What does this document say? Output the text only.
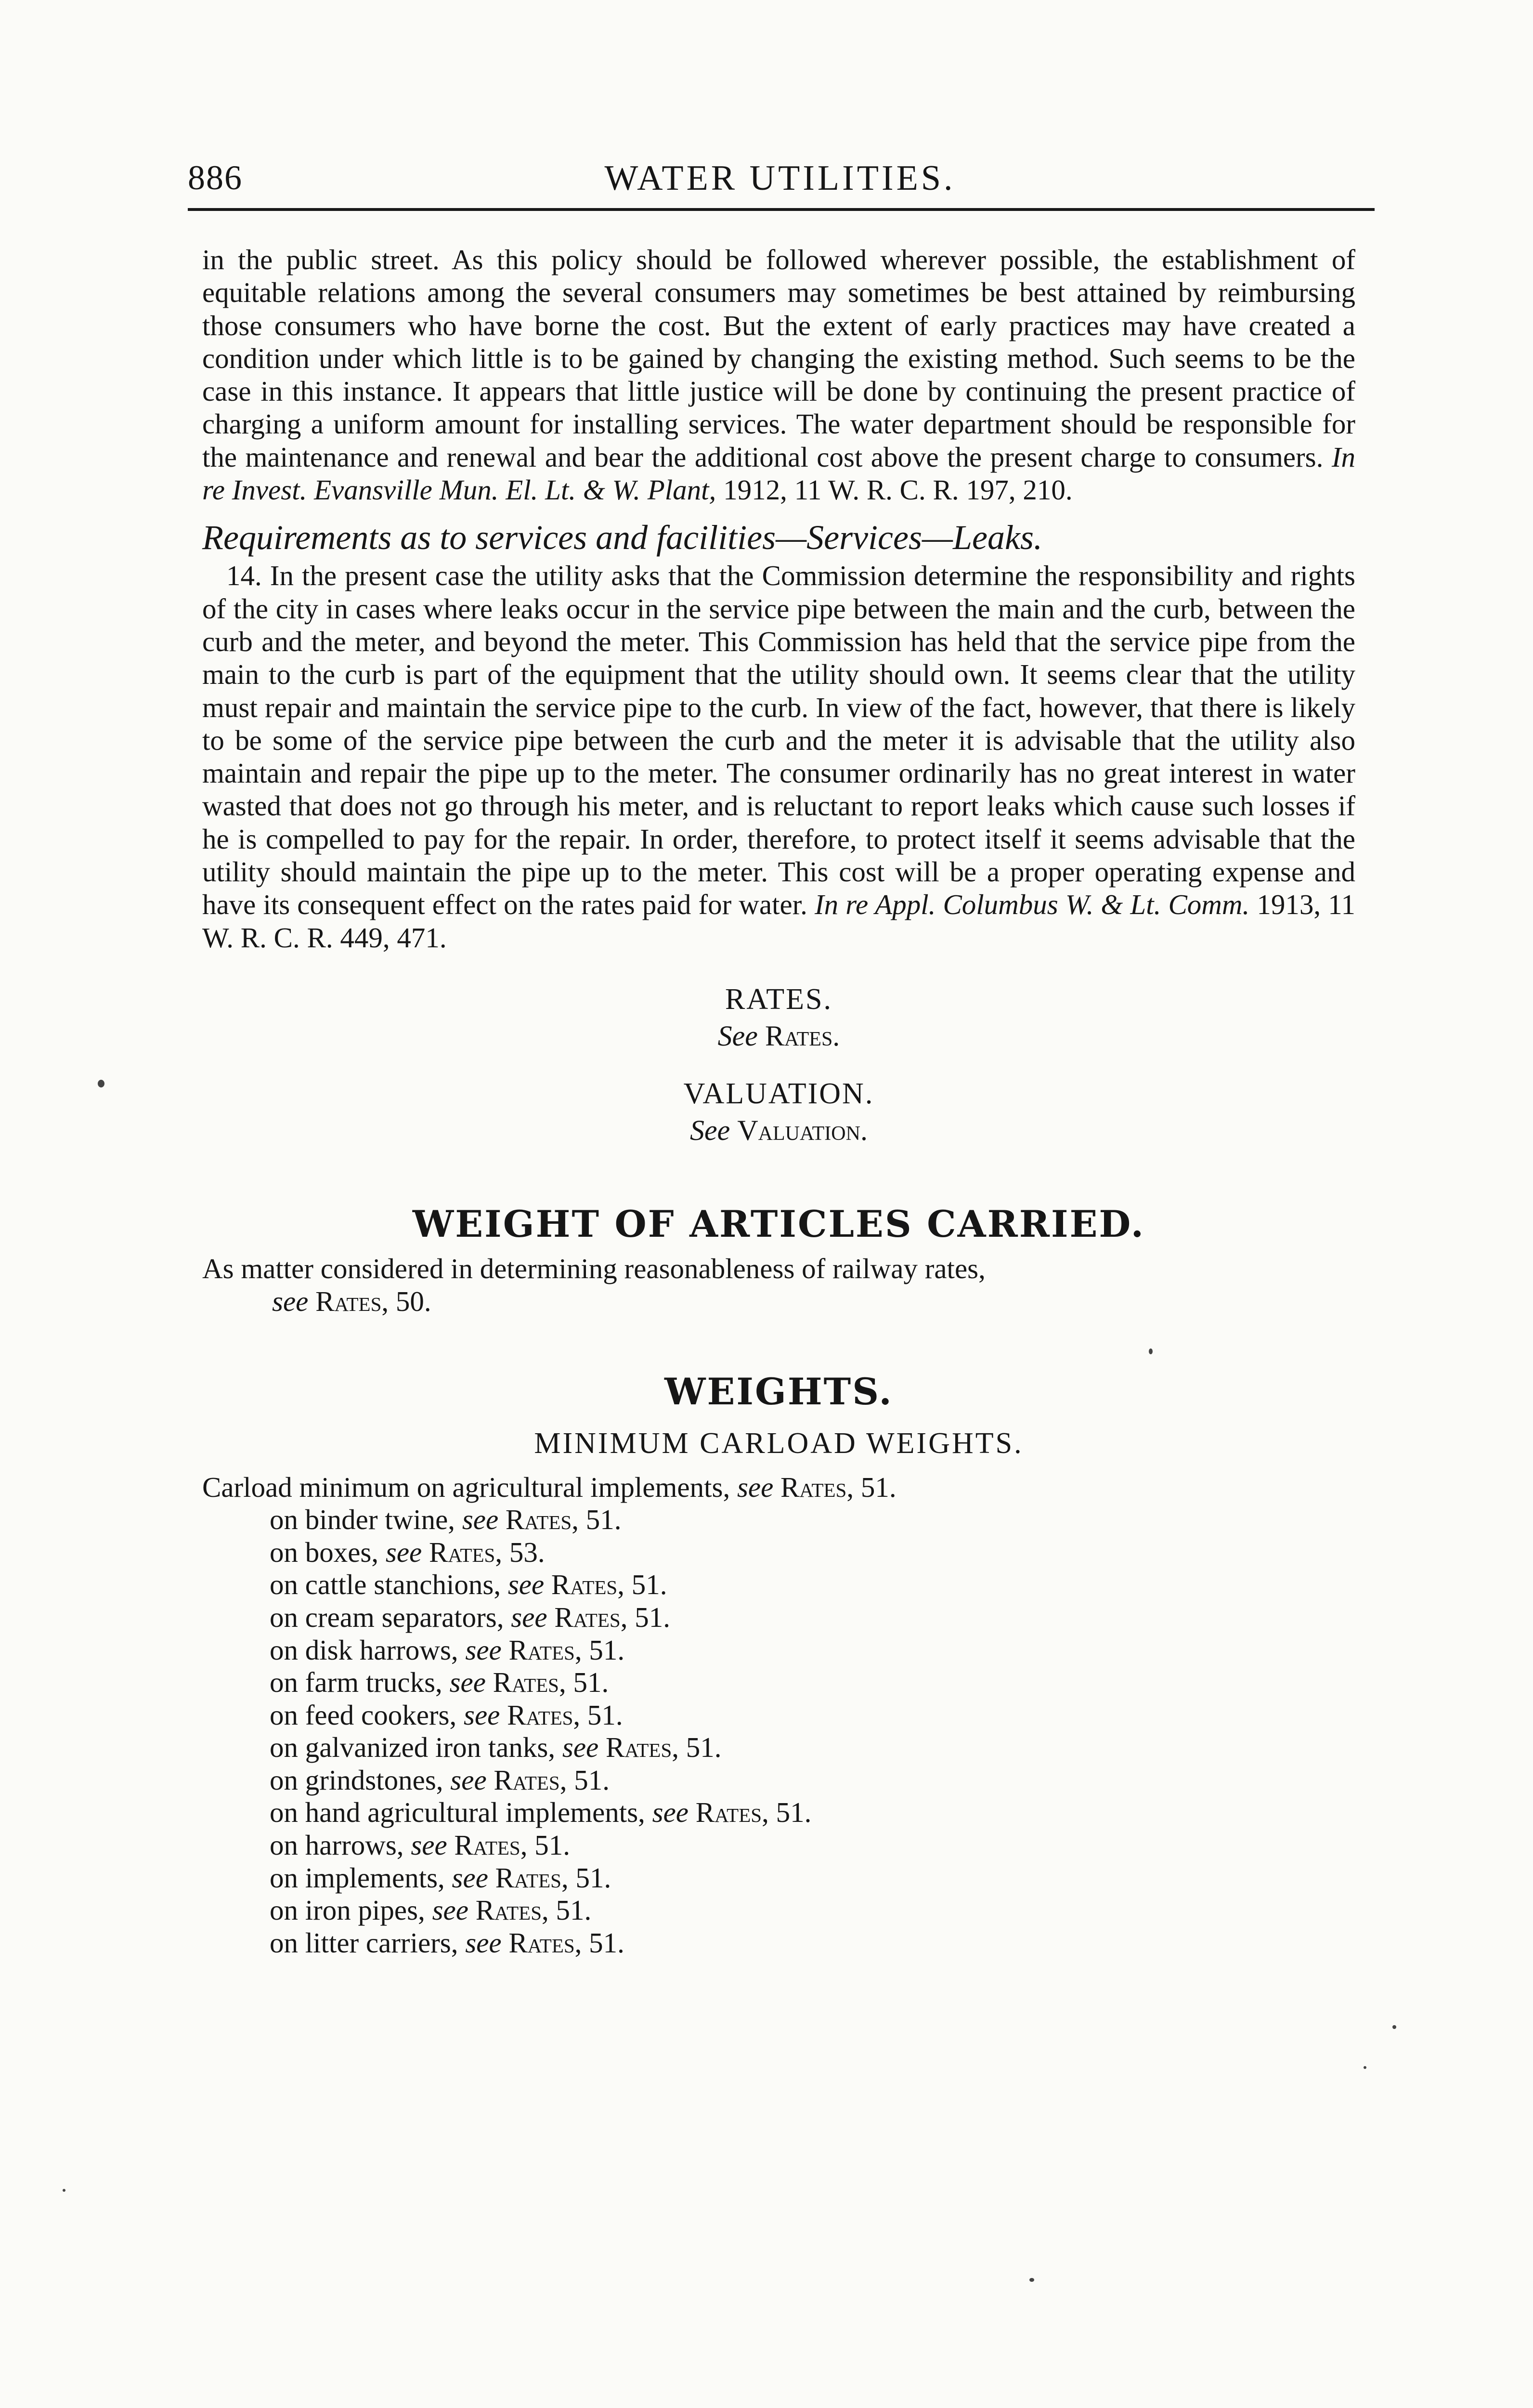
886	WATER UTILITIES.

in the public street. As this policy should be followed wherever possible, the establishment of equitable relations among the several consumers may sometimes be best attained by reimbursing those consumers who have borne the cost. But the extent of early practices may have created a condition under which little is to be gained by changing the existing method. Such seems to be the case in this instance. It appears that little justice will be done by continuing the present practice of charging a uniform amount for installing services. The water department should be responsible for the maintenance and renewal and bear the additional cost above the present charge to consumers. In re Invest. Evansville Mun. El. Lt. & W. Plant, 1912, 11 W. R. C. R. 197, 210.

Requirements as to services and facilities—Services—Leaks.

14. In the present case the utility asks that the Commission determine the responsibility and rights of the city in cases where leaks occur in the service pipe between the main and the curb, between the curb and the meter, and beyond the meter. This Commission has held that the service pipe from the main to the curb is part of the equipment that the utility should own. It seems clear that the utility must repair and maintain the service pipe to the curb. In view of the fact, however, that there is likely to be some of the service pipe between the curb and the meter it is advisable that the utility also maintain and repair the pipe up to the meter. The consumer ordinarily has no great interest in water wasted that does not go through his meter, and is reluctant to report leaks which cause such losses if he is compelled to pay for the repair. In order, therefore, to protect itself it seems advisable that the utility should maintain the pipe up to the meter. This cost will be a proper operating expense and have its consequent effect on the rates paid for water. In re Appl. Columbus W. & Lt. Comm. 1913, 11 W. R. C. R. 449, 471.

RATES.

See Rates.

VALUATION.

See Valuation.

WEIGHT OF ARTICLES CARRIED.

As matter considered in determining reasonableness of railway rates,
see Rates, 50.

WEIGHTS.

MINIMUM CARLOAD WEIGHTS.

Carload minimum on agricultural implements, see Rates, 51.
on binder twine, see Rates, 51.
on boxes, see Rates, 53.
on cattle stanchions, see Rates, 51.
on cream separators, see Rates, 51.
on disk harrows, see Rates, 51.
on farm trucks, see Rates, 51.
on feed cookers, see Rates, 51.
on galvanized iron tanks, see Rates, 51.
on grindstones, see Rates, 51.
on hand agricultural implements, see Rates, 51.
on harrows, see Rates, 51.
on implements, see Rates, 51.
on iron pipes, see Rates, 51.
on litter carriers, see Rates, 51.
